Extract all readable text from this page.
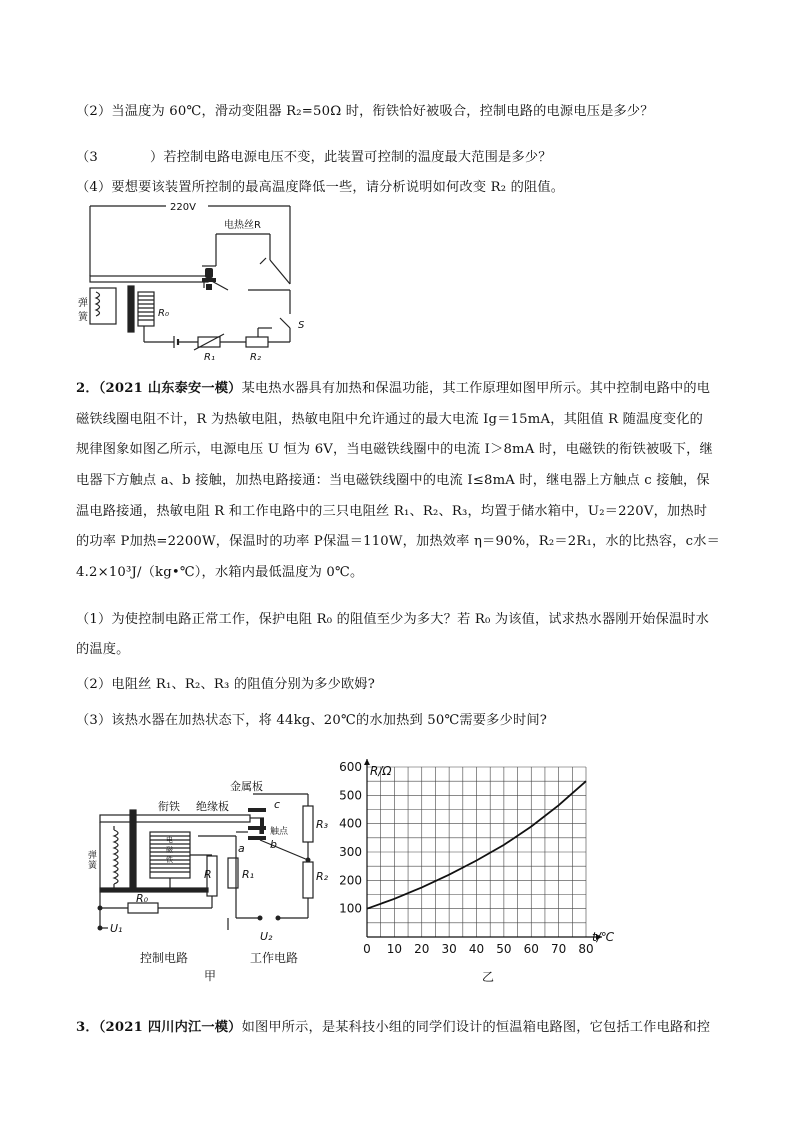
（2）当温度为 60℃，滑动变阻器 R₂=50Ω 时，衔铁恰好被吸合，控制电路的电源电压是多少？
（3	）若控制电路电源电压不变，此装置可控制的温度最大范围是多少？
（4）要想要该装置所控制的最高温度降低一些，请分析说明如何改变 R₂ 的阻值。
220V
电热丝R
弹
簧	R₀
R₁	R₂
S
2．（2021 山东泰安一模）某电热水器具有加热和保温功能，其工作原理如图甲所示。其中控制电路中的电
磁铁线圈电阻不计，R 为热敏电阻，热敏电阻中允许通过的最大电流 Ig＝15mA，其阻值 R 随温度变化的
规律图象如图乙所示，电源电压 U 恒为 6V，当电磁铁线圈中的电流 I＞8mA 时，电磁铁的衔铁被吸下，继
电器下方触点 a、b 接触，加热电路接通：当电磁铁线圈中的电流 I≤8mA 时，继电器上方触点 c 接触，保
温电路接通，热敏电阻 R 和工作电路中的三只电阻丝 R₁、R₂、R₃，均置于储水箱中，U₂＝220V，加热时
的功率 P加热=2200W，保温时的功率 P保温＝110W，加热效率 η＝90%，R₂＝2R₁，水的比热容，c水＝
4.2×10³J/（kg•℃），水箱内最低温度为 0℃。
（1）为使控制电路正常工作，保护电阻 R₀ 的阻值至少为多大？若 R₀ 为该值，试求热水器刚开始保温时水
的温度。
（2）电阻丝 R₁、R₂、R₃ 的阻值分别为多少欧姆?
（3）该热水器在加热状态下，将 44kg、20℃的水加热到 50℃需要多少时间?
衔铁 绝缘板
金属板
触点
弹
簧
电
磁
铁
R
R₀
R₁	R₂
R₃
a b
c
U₁
U₂
控制电路	工作电路
甲
0 10 20 30 40 50 60 70 80
100
200
300
400
500
600 R/Ω
t/℃
乙
3．（2021 四川内江一模）如图甲所示，是某科技小组的同学们设计的恒温箱电路图，它包括工作电路和控
